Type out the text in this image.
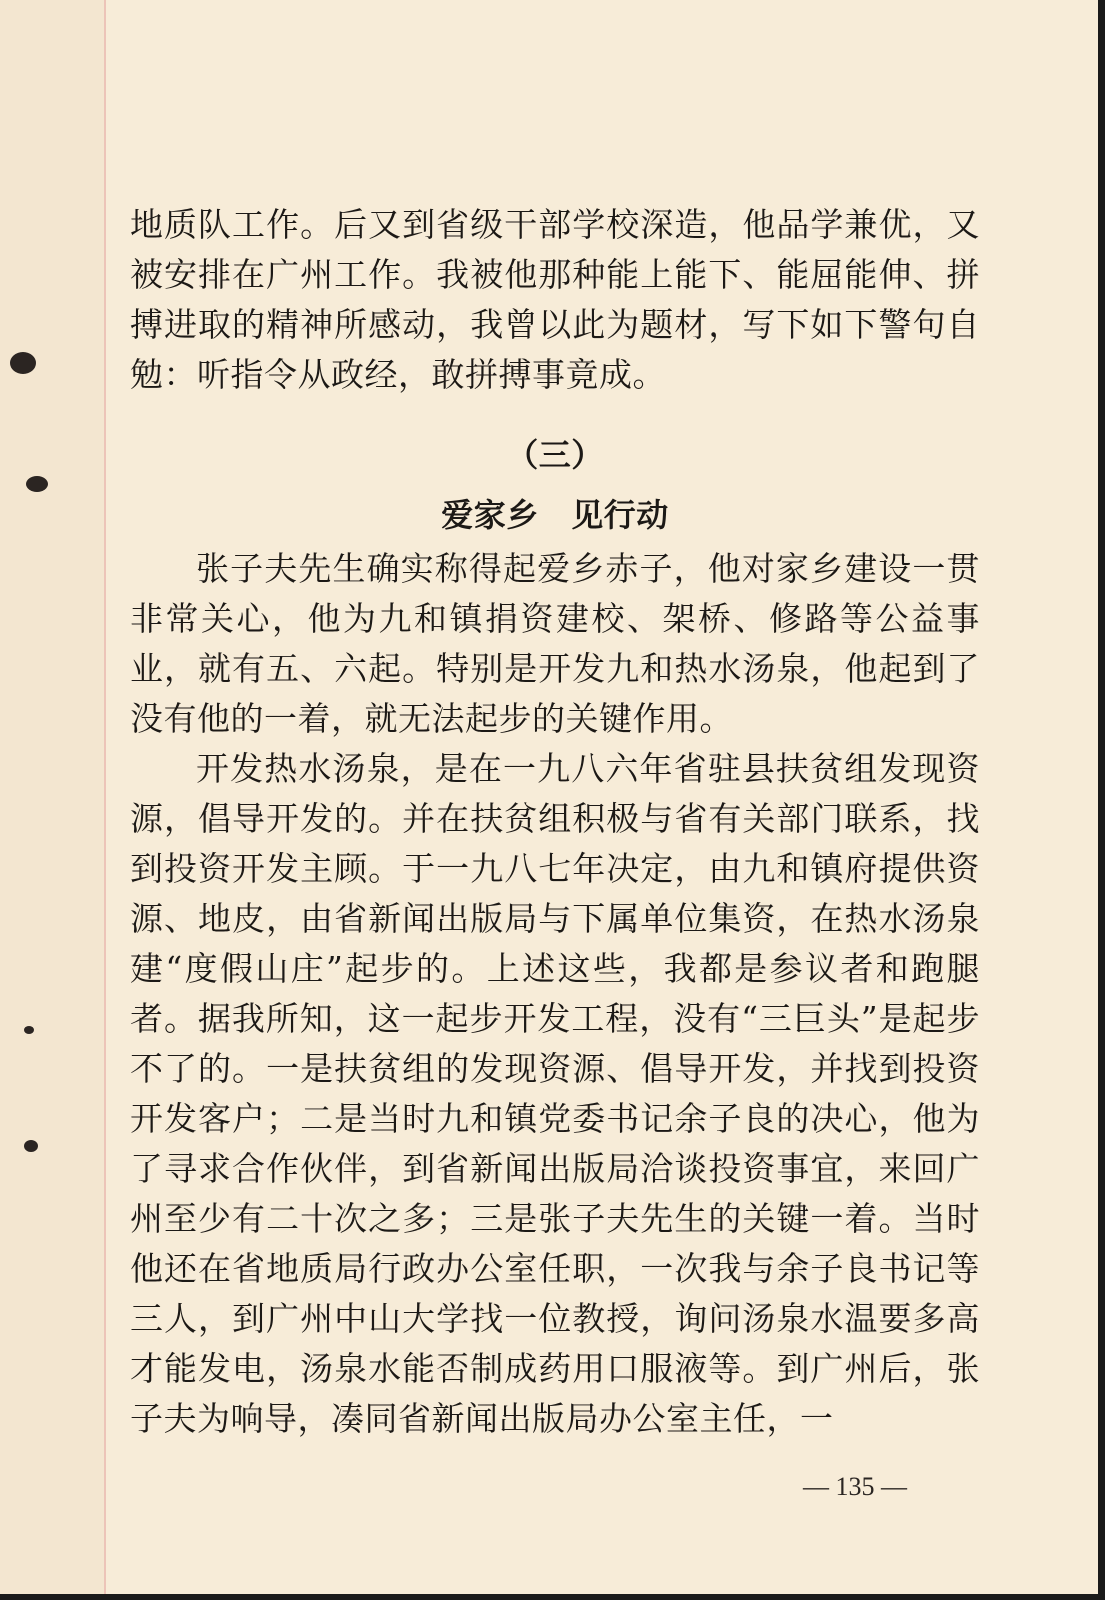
地质队工作。后又到省级干部学校深造，他品学兼优，又被安排在广州工作。我被他那种能上能下、能屈能伸、拼搏进取的精神所感动，我曾以此为题材，写下如下警句自勉：听指令从政经，敢拼搏事竟成。

（三）
爱家乡　见行动

张子夫先生确实称得起爱乡赤子，他对家乡建设一贯非常关心，他为九和镇捐资建校、架桥、修路等公益事业，就有五、六起。特别是开发九和热水汤泉，他起到了没有他的一着，就无法起步的关键作用。

开发热水汤泉，是在一九八六年省驻县扶贫组发现资源，倡导开发的。并在扶贫组积极与省有关部门联系，找到投资开发主顾。于一九八七年决定，由九和镇府提供资源、地皮，由省新闻出版局与下属单位集资，在热水汤泉建“度假山庄”起步的。上述这些，我都是参议者和跑腿者。据我所知，这一起步开发工程，没有“三巨头”是起步不了的。一是扶贫组的发现资源、倡导开发，并找到投资开发客户；二是当时九和镇党委书记余子良的决心，他为了寻求合作伙伴，到省新闻出版局洽谈投资事宜，来回广州至少有二十次之多；三是张子夫先生的关键一着。当时他还在省地质局行政办公室任职，一次我与余子良书记等三人，到广州中山大学找一位教授，询问汤泉水温要多高才能发电，汤泉水能否制成药用口服液等。到广州后，张子夫为响导，凑同省新闻出版局办公室主任，一

— 135 —
